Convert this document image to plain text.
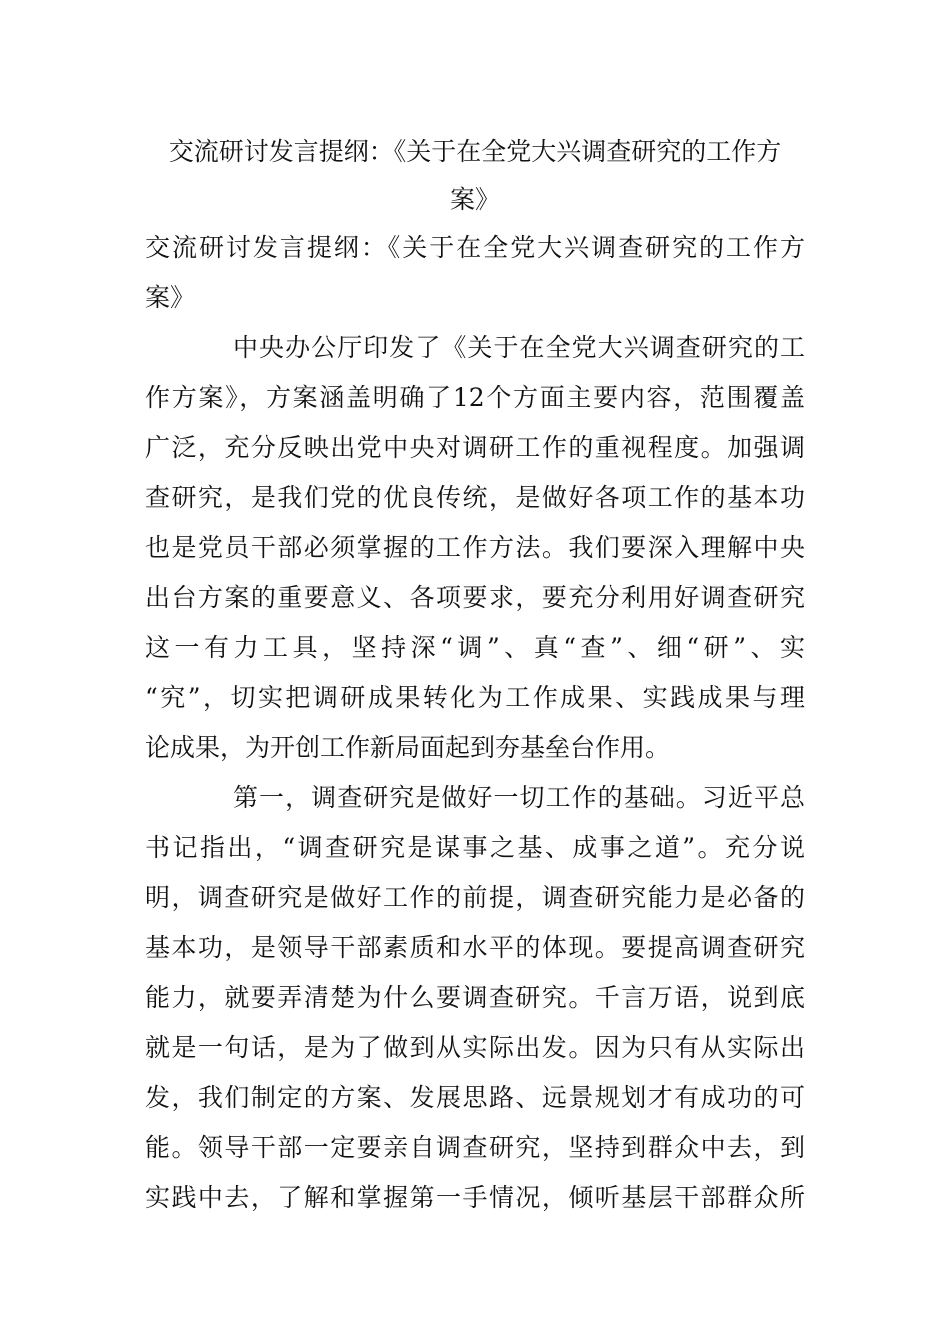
交流研讨发言提纲：《关于在全党大兴调查研究的工作方
案》
交流研讨发言提纲：《关于在全党大兴调查研究的工作方
案》
中央办公厅印发了《关于在全党大兴调查研究的工
作方案》，方案涵盖明确了12个方面主要内容，范围覆盖
广泛，充分反映出党中央对调研工作的重视程度。加强调
查研究，是我们党的优良传统，是做好各项工作的基本功
也是党员干部必须掌握的工作方法。我们要深入理解中央
出台方案的重要意义、各项要求，要充分利用好调查研究
这一有力工具，坚持深“调”、真“查”、细“研”、实
“究”，切实把调研成果转化为工作成果、实践成果与理
论成果，为开创工作新局面起到夯基垒台作用。
第一，调查研究是做好一切工作的基础。习近平总
书记指出，“调查研究是谋事之基、成事之道”。充分说
明，调查研究是做好工作的前提，调查研究能力是必备的
基本功，是领导干部素质和水平的体现。要提高调查研究
能力，就要弄清楚为什么要调查研究。千言万语，说到底
就是一句话，是为了做到从实际出发。因为只有从实际出
发，我们制定的方案、发展思路、远景规划才有成功的可
能。领导干部一定要亲自调查研究，坚持到群众中去，到
实践中去，了解和掌握第一手情况，倾听基层干部群众所
